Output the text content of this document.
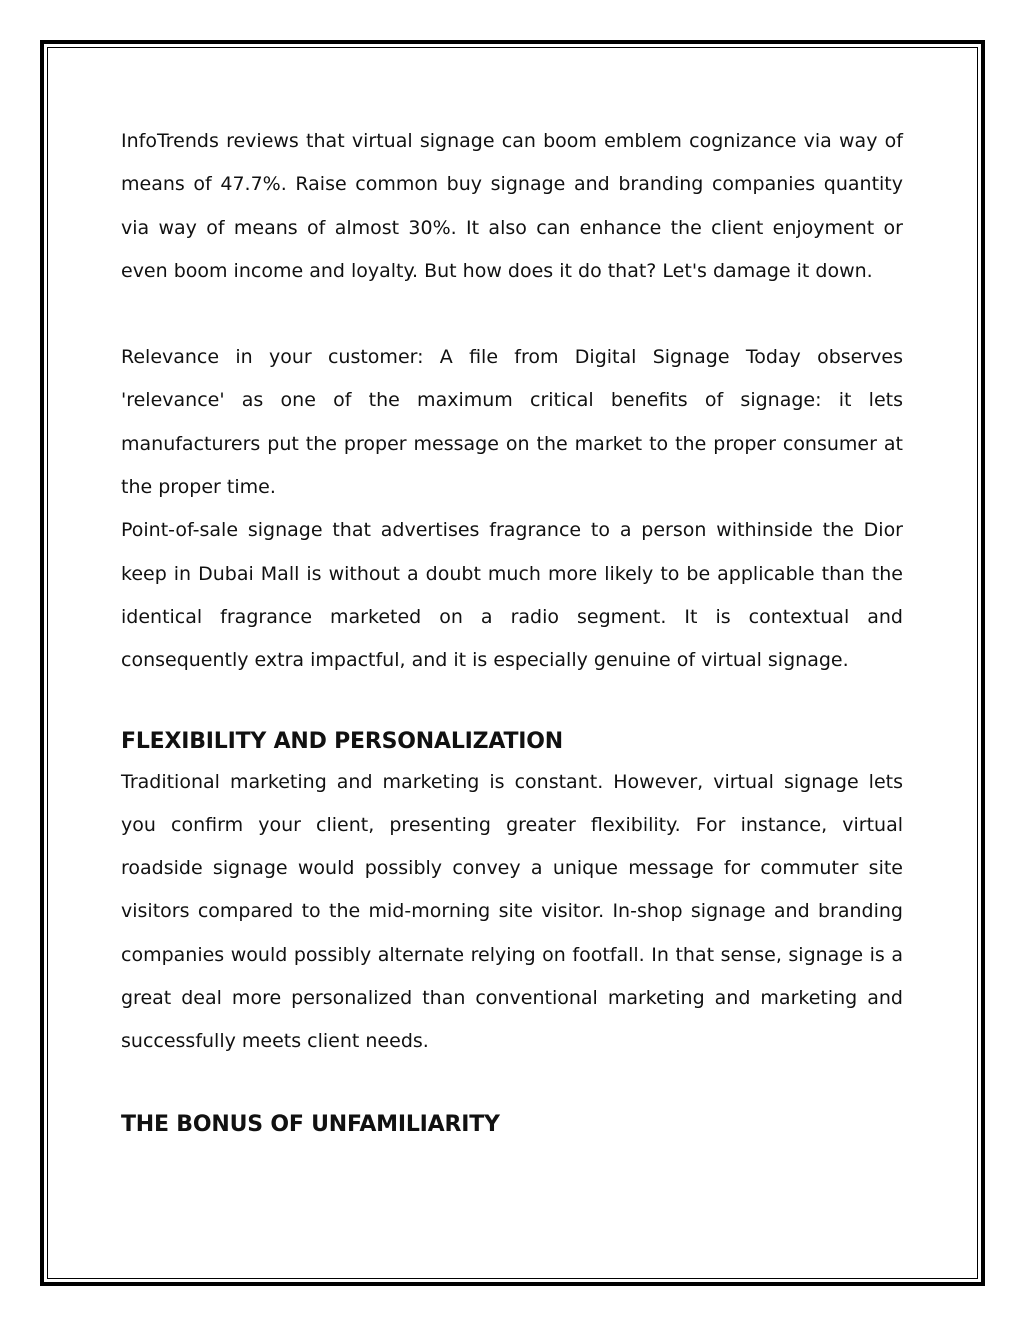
InfoTrends reviews that virtual signage can boom emblem cognizance via way of means of 47.7%. Raise common buy signage and branding companies quantity via way of means of almost 30%. It also can enhance the client enjoyment or even boom income and loyalty. But how does it do that? Let's damage it down.

Relevance in your customer: A file from Digital Signage Today observes 'relevance' as one of the maximum critical benefits of signage: it lets manufacturers put the proper message on the market to the proper consumer at the proper time.

Point-of-sale signage that advertises fragrance to a person withinside the Dior keep in Dubai Mall is without a doubt much more likely to be applicable than the identical fragrance marketed on a radio segment. It is contextual and consequently extra impactful, and it is especially genuine of virtual signage.

FLEXIBILITY AND PERSONALIZATION

Traditional marketing and marketing is constant. However, virtual signage lets you confirm your client, presenting greater flexibility. For instance, virtual roadside signage would possibly convey a unique message for commuter site visitors compared to the mid-morning site visitor. In-shop signage and branding companies would possibly alternate relying on footfall. In that sense, signage is a great deal more personalized than conventional marketing and marketing and successfully meets client needs.

THE BONUS OF UNFAMILIARITY
